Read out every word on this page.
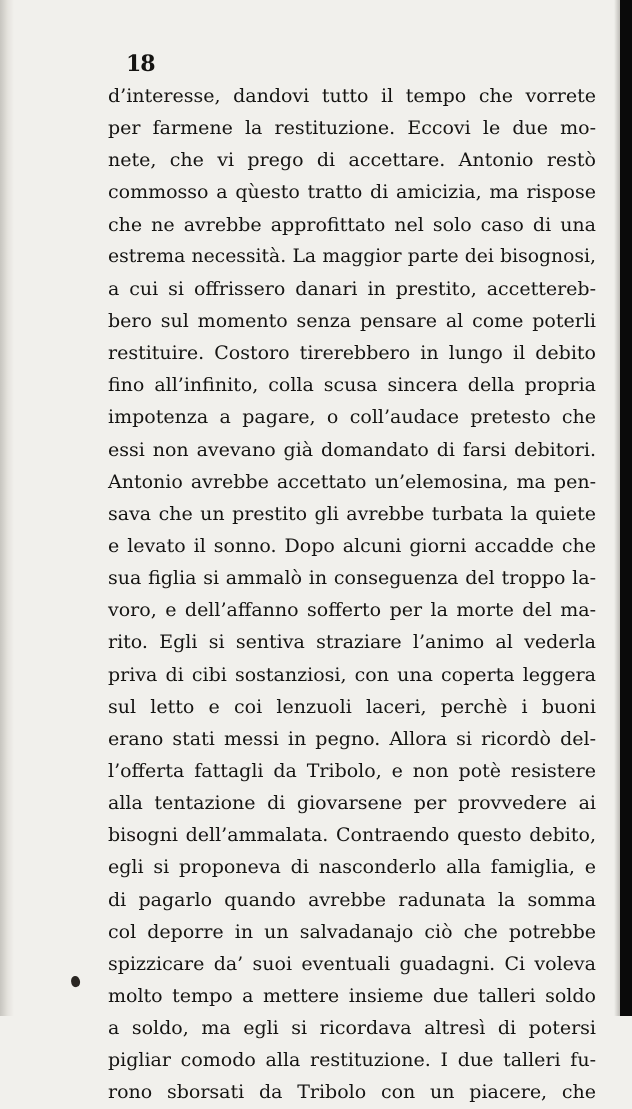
18
d’interesse, dandovi tutto il tempo che vorrete
per farmene la restituzione. Eccovi le due mo-
nete, che vi prego di accettare. Antonio restò
commosso a qùesto tratto di amicizia, ma rispose
che ne avrebbe approfittato nel solo caso di una
estrema necessità. La maggior parte dei bisognosi,
a cui si offrissero danari in prestito, accettereb-
bero sul momento senza pensare al come poterli
restituire. Costoro tirerebbero in lungo il debito
fino all’infinito, colla scusa sincera della propria
impotenza a pagare, o coll’audace pretesto che
essi non avevano già domandato di farsi debitori.
Antonio avrebbe accettato un’elemosina, ma pen-
sava che un prestito gli avrebbe turbata la quiete
e levato il sonno. Dopo alcuni giorni accadde che
sua figlia si ammalò in conseguenza del troppo la-
voro, e dell’affanno sofferto per la morte del ma-
rito. Egli si sentiva straziare l’animo al vederla
priva di cibi sostanziosi, con una coperta leggera
sul letto e coi lenzuoli laceri, perchè i buoni
erano stati messi in pegno. Allora si ricordò del-
l’offerta fattagli da Tribolo, e non potè resistere
alla tentazione di giovarsene per provvedere ai
bisogni dell’ammalata. Contraendo questo debito,
egli si proponeva di nasconderlo alla famiglia, e
di pagarlo quando avrebbe radunata la somma
col deporre in un salvadanajo ciò che potrebbe
spizzicare da’ suoi eventuali guadagni. Ci voleva
molto tempo a mettere insieme due talleri soldo
a soldo, ma egli si ricordava altresì di potersi
pigliar comodo alla restituzione. I due talleri fu-
rono sborsati da Tribolo con un piacere, che
